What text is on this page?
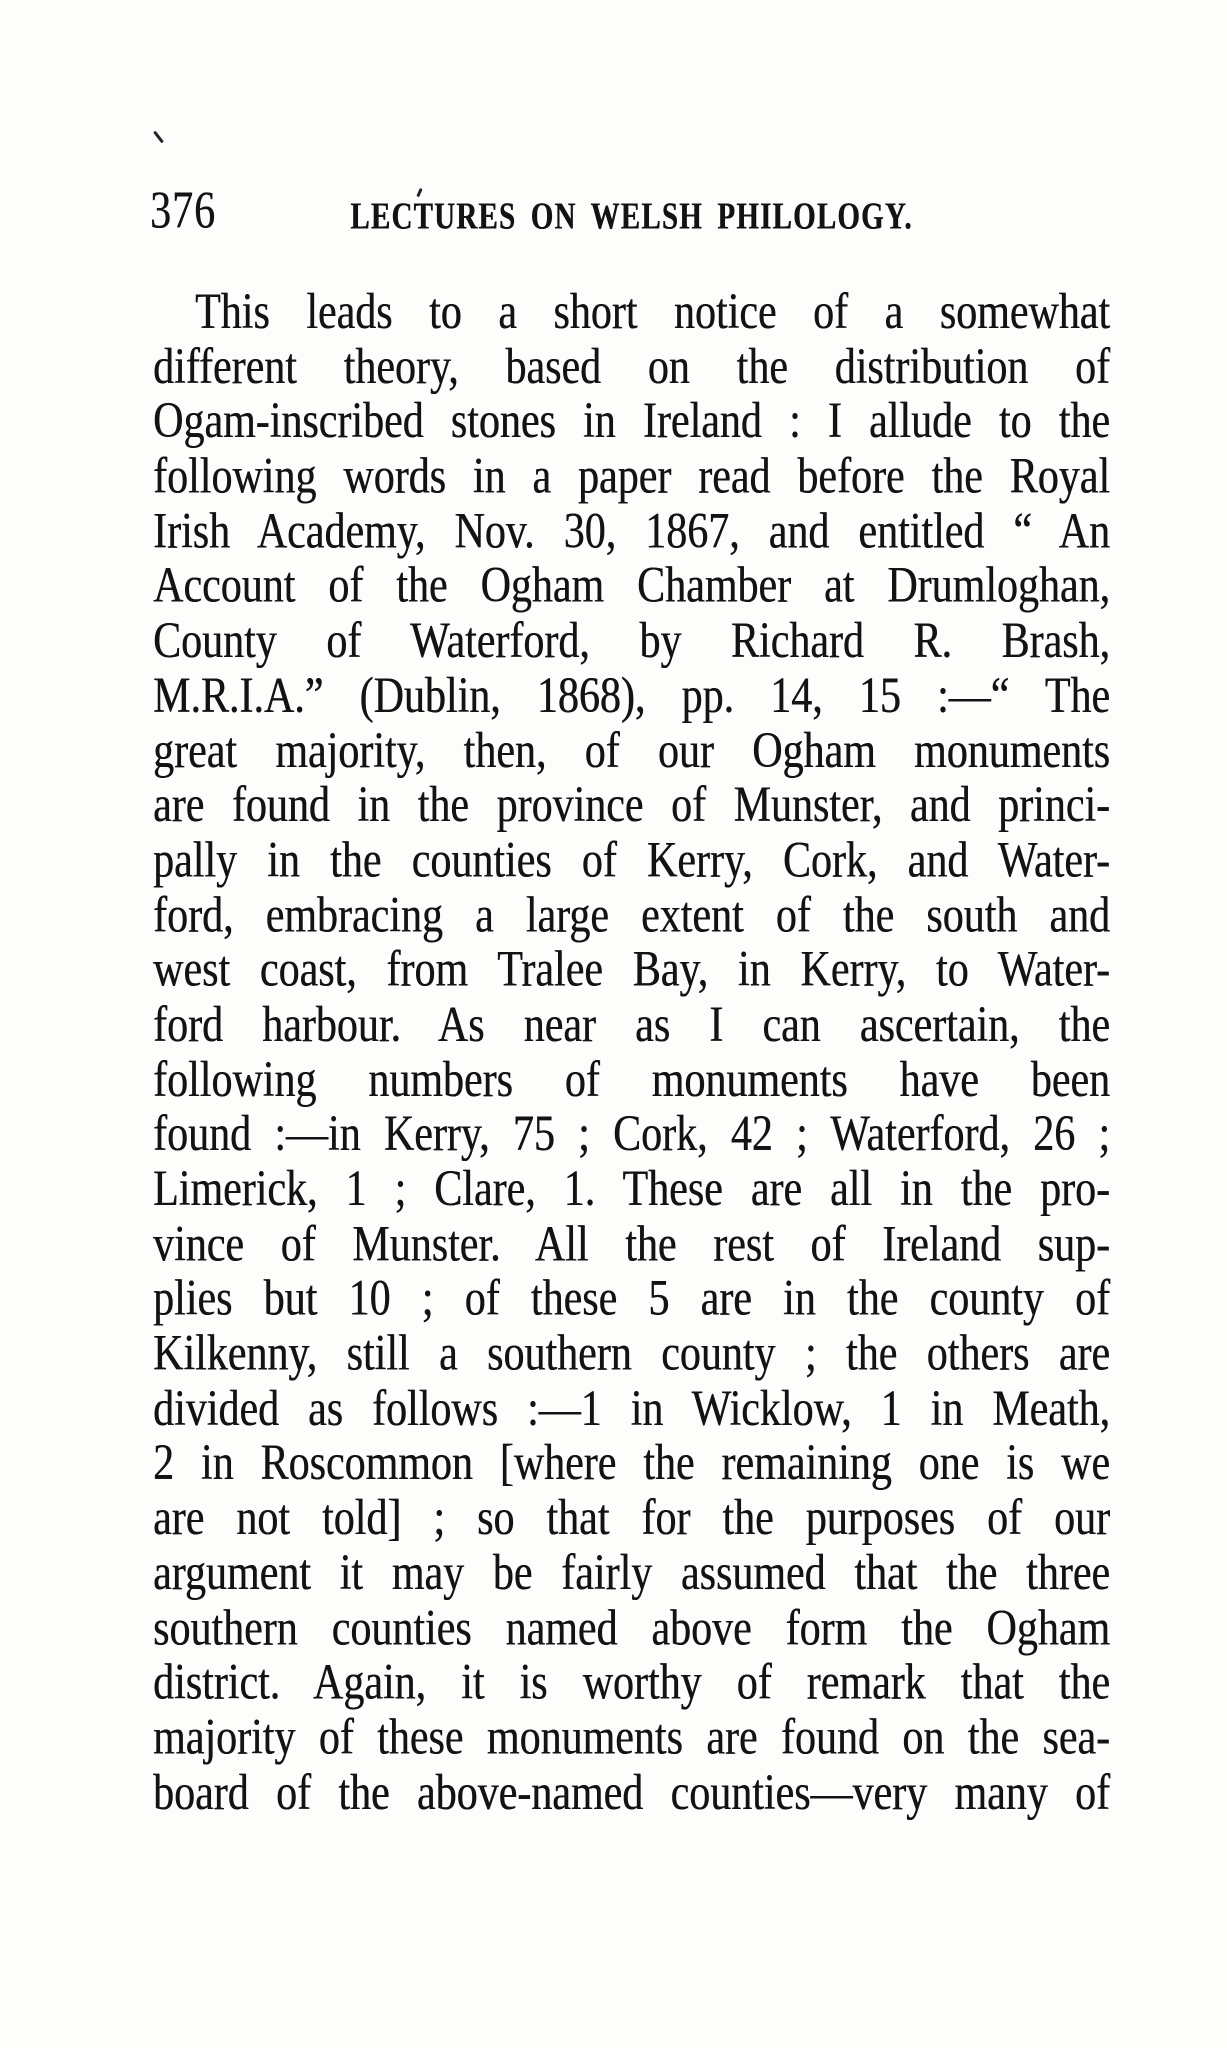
376	LECTURES ON WELSH PHILOLOGY.
This leads to a short notice of a somewhat
different theory, based on the distribution of
Ogam-inscribed stones in Ireland : I allude to the
following words in a paper read before the Royal
Irish Academy, Nov. 30, 1867, and entitled “ An
Account of the Ogham Chamber at Drumloghan,
County of Waterford, by Richard R. Brash,
M.R.I.A.” (Dublin, 1868), pp. 14, 15 :—“ The
great majority, then, of our Ogham monuments
are found in the province of Munster, and princi-
pally in the counties of Kerry, Cork, and Water-
ford, embracing a large extent of the south and
west coast, from Tralee Bay, in Kerry, to Water-
ford harbour. As near as I can ascertain, the
following numbers of monuments have been
found :—in Kerry, 75 ; Cork, 42 ; Waterford, 26 ;
Limerick, 1 ; Clare, 1. These are all in the pro-
vince of Munster. All the rest of Ireland sup-
plies but 10 ; of these 5 are in the county of
Kilkenny, still a southern county ; the others are
divided as follows :—1 in Wicklow, 1 in Meath,
2 in Roscommon [where the remaining one is we
are not told] ; so that for the purposes of our
argument it may be fairly assumed that the three
southern counties named above form the Ogham
district. Again, it is worthy of remark that the
majority of these monuments are found on the sea-
board of the above-named counties—very many of
